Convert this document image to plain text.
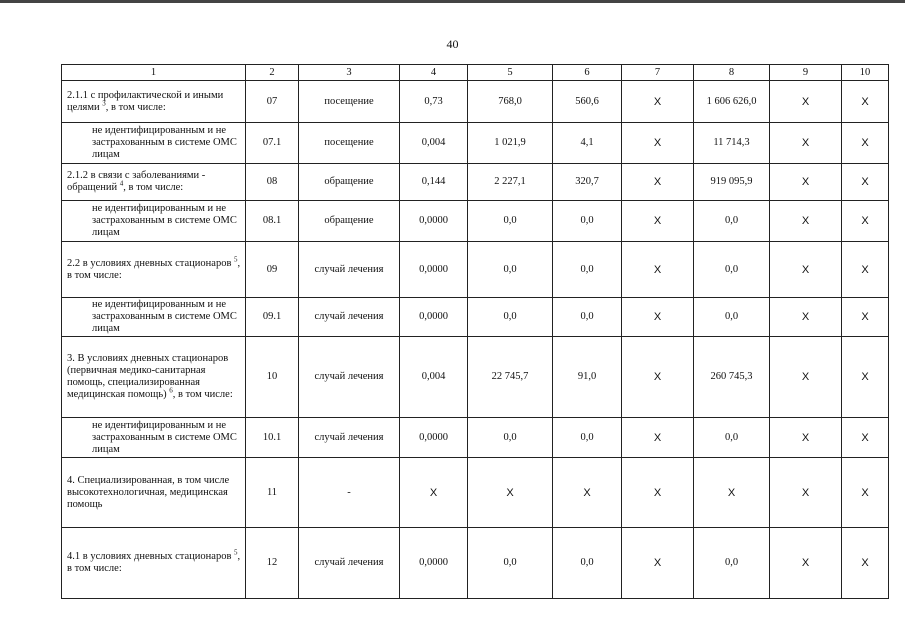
40
1	2	3	4	5	6	7	8	9	10
2.1.1 с профилактической и иными целями $^3$, в том числе:	07	посещение	0,73	768,0	560,6	X	1 606 626,0	X	X
не идентифицированным и не застрахованным в системе ОМС лицам	07.1	посещение	0,004	1 021,9	4,1	X	11 714,3	X	X
2.1.2 в связи с заболеваниями - обращений $^4$, в том числе:	08	обращение	0,144	2 227,1	320,7	X	919 095,9	X	X
не идентифицированным и не застрахованным в системе ОМС лицам	08.1	обращение	0,0000	0,0	0,0	X	0,0	X	X
2.2 в условиях дневных стационаров $^5$, в том числе:	09	случай лечения	0,0000	0,0	0,0	X	0,0	X	X
не идентифицированным и не застрахованным в системе ОМС лицам	09.1	случай лечения	0,0000	0,0	0,0	X	0,0	X	X
3. В условиях дневных стационаров (первичная медико-санитарная помощь, специализированная медицинская помощь) $^6$, в том числе:	10	случай лечения	0,004	22 745,7	91,0	X	260 745,3	X	X
не идентифицированным и не застрахованным в системе ОМС лицам	10.1	случай лечения	0,0000	0,0	0,0	X	0,0	X	X
4. Специализированная, в том числе высокотехнологичная, медицинская помощь	11	-	X	X	X	X	X	X	X
4.1 в условиях дневных стационаров $^5$, в том числе:	12	случай лечения	0,0000	0,0	0,0	X	0,0	X	X
